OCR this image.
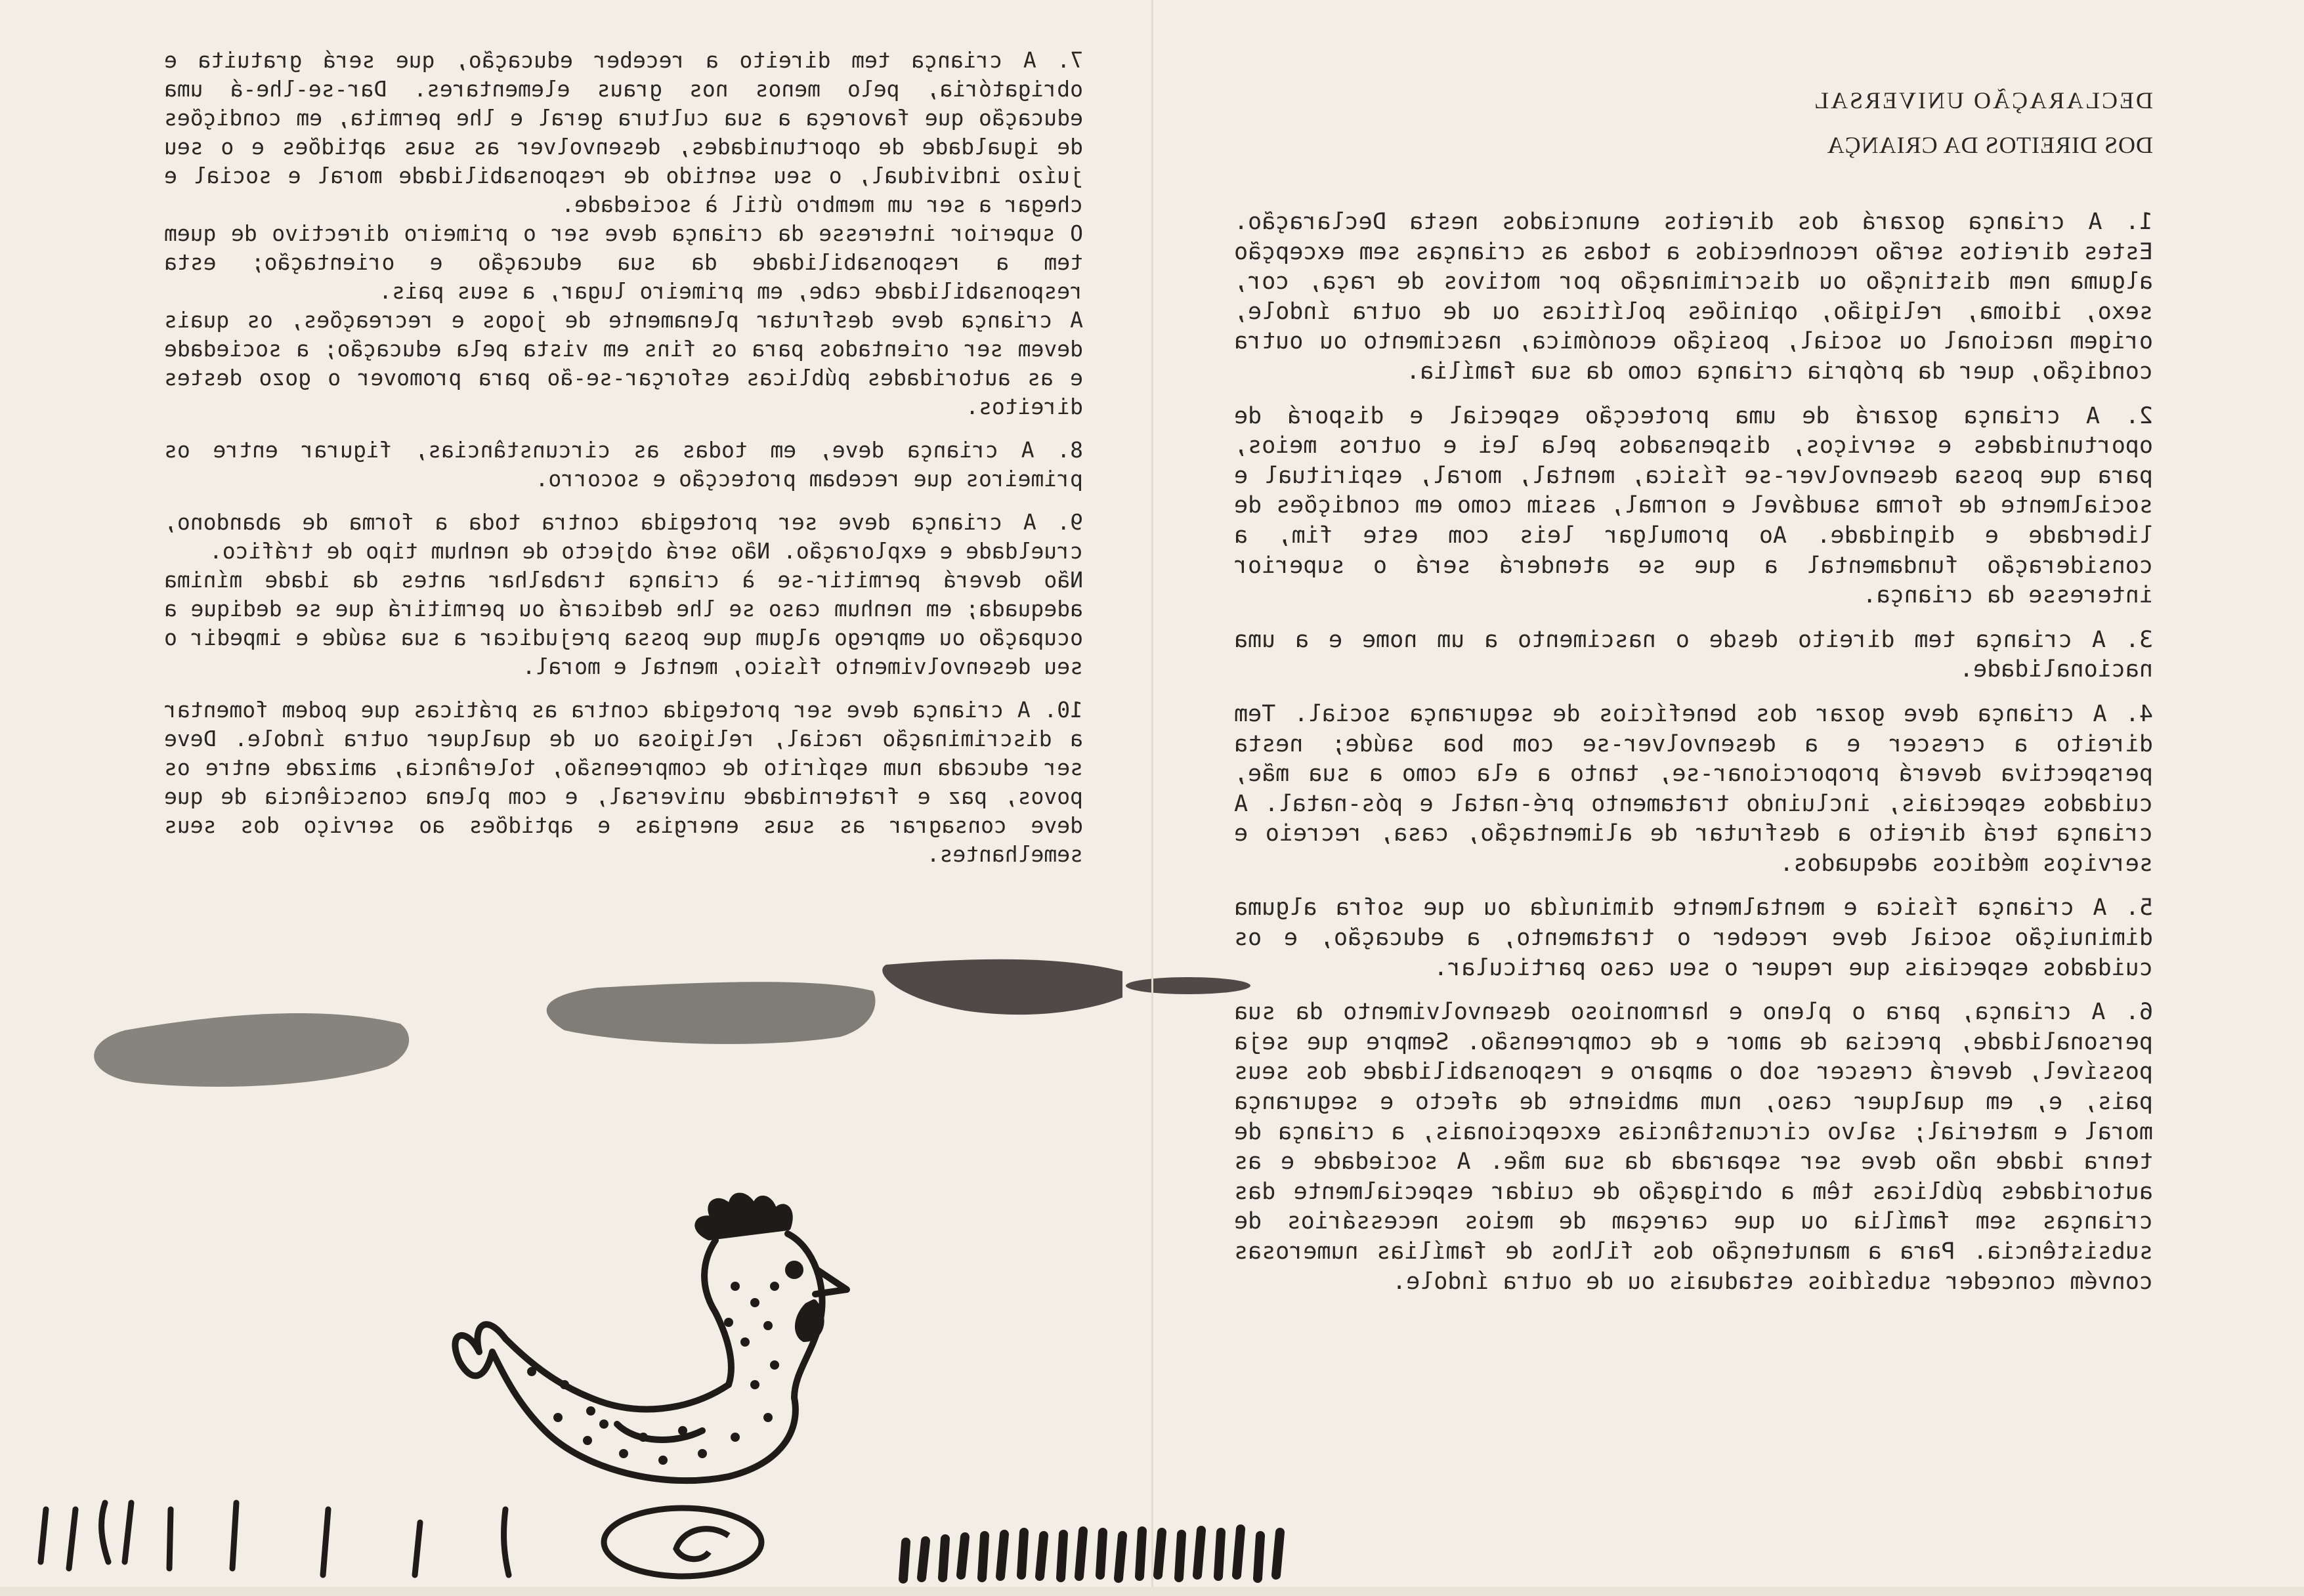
DECLARAÇÃO UNIVERSAL
DOS DIREITOS DA CRIANÇA

1. A criança gozará dos direitos enunciados nesta Declaração. Estes direitos serão reconhecidos a todas as crianças sem excepção alguma nem distinção ou discriminação por motivos de raça, cor, sexo, idioma, religião, opiniões políticas ou de outra índole, origem nacional ou social, posição económica, nascimento ou outra condição, quer da própria criança como da sua família.

2. A criança gozará de uma protecção especial e disporá de oportunidades e serviços, dispensados pela lei e outros meios, para que possa desenvolver-se física, mental, moral, espiritual e socialmente de forma saudável e normal, assim como em condições de liberdade e dignidade. Ao promulgar leis com este fim, a consideração fundamental a que se atenderá será o superior interesse da criança.

3. A criança tem direito desde o nascimento a um nome e a uma nacionalidade.

4. A criança deve gozar dos benefícios de segurança social. Tem direito a crescer e a desenvolver-se com boa saúde; nesta perspectiva deverá proporcionar-se, tanto a ela como a sua mãe, cuidados especiais, incluindo tratamento pré-natal e pós-natal. A criança terá direito a desfrutar de alimentação, casa, recreio e serviços médicos adequados.

5. A criança física e mentalmente diminuída ou que sofra alguma diminuição social deve receber o tratamento, a educação, e os cuidados especiais que requer o seu caso particular.

6. A criança, para o pleno e harmonioso desenvolvimento da sua personalidade, precisa de amor e de compreensão. Sempre que seja possível, deverá crescer sob o amparo e responsabilidade dos seus pais, e, em qualquer caso, num ambiente de afecto e segurança moral e material; salvo circunstâncias excepcionais, a criança de tenra idade não deve ser separada da sua mãe. A sociedade e as autoridades públicas têm a obrigação de cuidar especialmente das crianças sem família ou que careçam de meios necessários de subsistência. Para a manutenção dos filhos de famílias numerosas convém conceder subsídios estaduais ou de outra índole.

7. A criança tem direito a receber educação, que será gratuita e obrigatória, pelo menos nos graus elementares. Dar-se-lhe-á uma educação que favoreça a sua cultura geral e lhe permita, em condições de igualdade de oportunidades, desenvolver as suas aptidões e o seu juízo individual, o seu sentido de responsabilidade moral e social e chegar a ser um membro útil à sociedade.

O superior interesse da criança deve ser o primeiro directivo de quem tem a responsabilidade da sua educação e orientação; esta responsabilidade cabe, em primeiro lugar, a seus pais.

A criança deve desfrutar plenamente de jogos e recreações, os quais devem ser orientados para os fins em vista pela educação; a sociedade e as autoridades públicas esforçar-se-ão para promover o gozo destes direitos.

8. A criança deve, em todas as circunstâncias, figurar entre os primeiros que recebam protecção e socorro.

9. A criança deve ser protegida contra toda a forma de abandono, crueldade e exploração. Não será objecto de nenhum tipo de tráfico.

Não deverá permitir-se à criança trabalhar antes da idade mínima adequada; em nenhum caso se lhe dedicará ou permitirá que se dedique a ocupação ou emprego algum que possa prejudicar a sua saúde e impedir o seu desenvolvimento físico, mental e moral.

10. A criança deve ser protegida contra as práticas que podem fomentar a discriminação racial, religiosa ou de qualquer outra índole. Deve ser educada num espírito de compreensão, tolerância, amizade entre os povos, paz e fraternidade universal, e com plena consciência de que deve consagrar as suas energias e aptidões ao serviço dos seus semelhantes.
